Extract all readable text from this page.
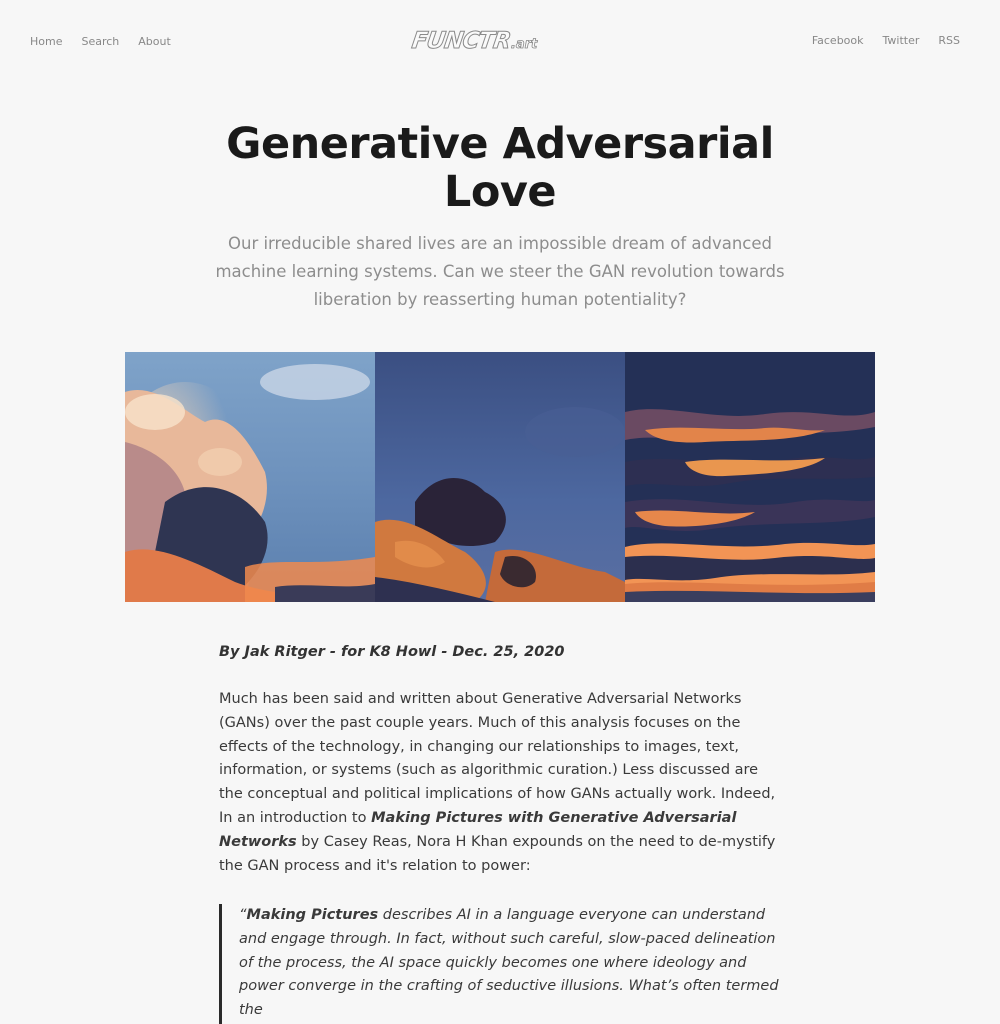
Home Search About	FUNCTR .art	Facebook Twitter RSS
Generative Adversarial Love

Our irreducible shared lives are an impossible dream of advanced machine learning systems. Can we steer the GAN revolution towards liberation by reasserting human potentiality?

By Jak Ritger - for K8 Howl - Dec. 25, 2020

Much has been said and written about Generative Adversarial Networks (GANs) over the past couple years. Much of this analysis focuses on the effects of the technology, in changing our relationships to images, text, information, or systems (such as algorithmic curation.) Less discussed are the conceptual and political implications of how GANs actually work. Indeed, In an introduction to Making Pictures with Generative Adversarial Networks by Casey Reas, Nora H Khan expounds on the need to de-mystify the GAN process and it's relation to power:

“Making Pictures describes AI in a language everyone can understand and engage through. In fact, without such careful, slow-paced delineation of the process, the AI space quickly becomes one where ideology and power converge in the crafting of seductive illusions. What’s often termed the
